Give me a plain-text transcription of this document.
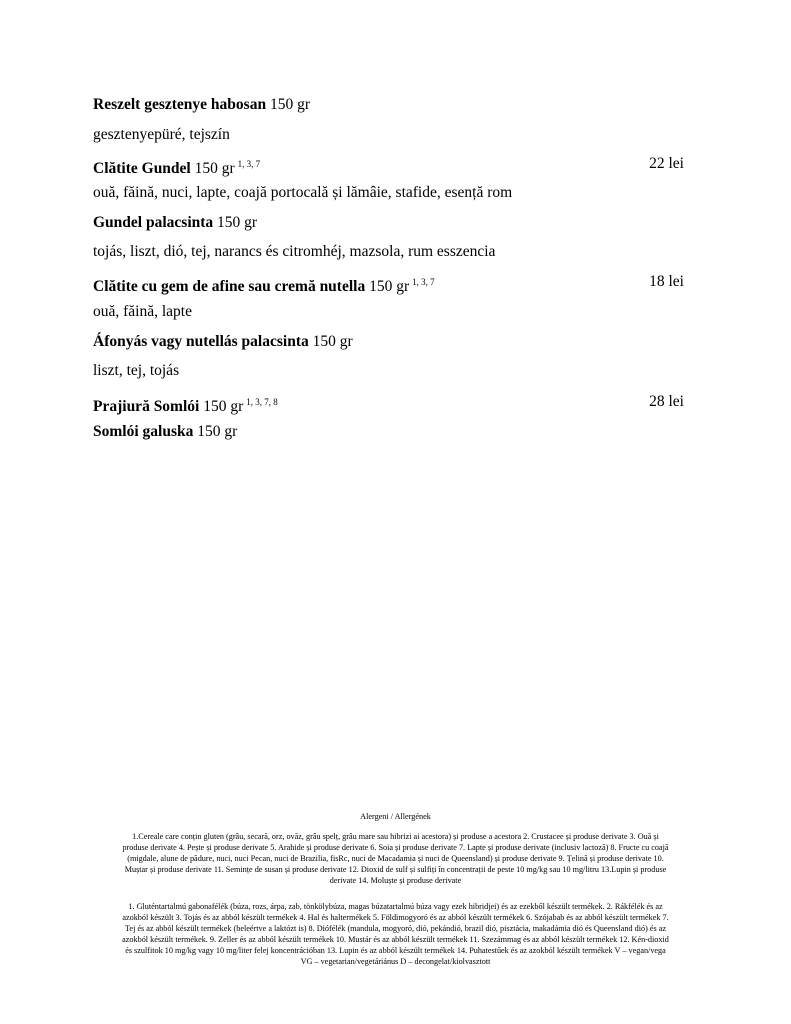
Reszelt gesztenye habosan 150 gr
gesztenyepüré, tejszín
Clătite Gundel 150 gr $^{1, 3, 7}$	22 lei
ouă, făină, nuci, lapte, coajă portocală și lămâie, stafide, esență rom
Gundel palacsinta 150 gr
tojás, liszt, dió, tej, narancs és citromhéj, mazsola, rum esszencia
Clătite cu gem de afine sau cremă nutella 150 gr $^{1, 3, 7}$	18 lei
ouă, făină, lapte
Áfonyás vagy nutellás palacsinta 150 gr
liszt, tej, tojás
Prajiură Somlói 150 gr $^{1, 3, 7, 8}$	28 lei
Somlói galuska 150 gr
Alergeni / Allergének
1.Cereale care conțin gluten (grâu, secară, orz, ovăz, grâu spelț, grâu mare sau hibrizi ai acestora) și produse a acestora 2. Crustacee și produse derivate 3. Ouă și
produse derivate 4. Pește și produse derivate 5. Arahide și produse derivate 6. Soia și produse derivate 7. Lapte și produse derivate (inclusiv lactoză) 8. Fructe cu coajă
(migdale, alune de pădure, nuci, nuci Pecan, nuci de Brazilia, fisRc, nuci de Macadamia și nuci de Queensland) și produse derivate 9. Țelină și produse derivate 10.
Muștar și produse derivate 11. Semințe de susan și produse derivate 12. Dioxid de sulf și sulfiți în concentrații de peste 10 mg/kg sau 10 mg/litru 13.Lupin și produse
derivate 14. Moluște și produse derivate
1. Gluténtartalmú gabonafélék (búza, rozs, árpa, zab, tönkölybúza, magas búzatartalmú búza vagy ezek hibridjei) és az ezekből készült termékek. 2. Rákfélék és az
azokból készült 3. Tojás és az abból készült termékek 4. Hal és haltermékek 5. Földimogyoró és az abból készült termékek 6. Szójabab és az abból készült termékek 7.
Tej és az abból készült termékek (beleértve a laktózt is) 8. Diófélék (mandula, mogyoró, dió, pekándió, brazil dió, pisztácia, makadámia dió és Queensland dió) és az
azokból készült termékek. 9. Zeller és az abból készült termékek 10. Mustár és az abból készült termékek 11. Szezámmag és az abból készült termékek 12. Kén-dioxid
és szulfitok 10 mg/kg vagy 10 mg/liter felej koncentrációban 13. Lupin és az abból készült termékek 14. Puhatestűek és az azokból készült termékek V – vegan/vega
VG – vegetarian/vegetáriánus D – decongelat/kiolvasztott
